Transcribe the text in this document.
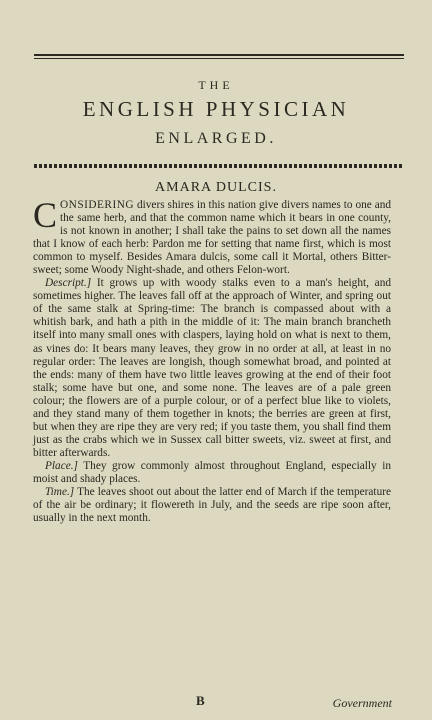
THE
ENGLISH PHYSICIAN
ENLARGED.
AMARA DULCIS.

CONSIDERING divers shires in this nation give divers names to one and the same herb, and that the common name which it bears in one county, is not known in another; I shall take the pains to set down all the names that I know of each herb: Pardon me for setting that name first, which is most common to myself. Besides Amara dulcis, some call it Mortal, others Bitter-sweet; some Woody Night-shade, and others Felon-wort.

Descript.] It grows up with woody stalks even to a man's height, and sometimes higher. The leaves fall off at the approach of Winter, and spring out of the same stalk at Spring-time: The branch is compassed about with a whitish bark, and hath a pith in the middle of it: The main branch brancheth itself into many small ones with claspers, laying hold on what is next to them, as vines do: It bears many leaves, they grow in no order at all, at least in no regular order: The leaves are longish, though somewhat broad, and pointed at the ends: many of them have two little leaves growing at the end of their foot stalk; some have but one, and some none. The leaves are of a pale green colour; the flowers are of a purple colour, or of a perfect blue like to violets, and they stand many of them together in knots; the berries are green at first, but when they are ripe they are very red; if you taste them, you shall find them just as the crabs which we in Sussex call bitter sweets, viz. sweet at first, and bitter afterwards.

Place.] They grow commonly almost throughout England, especially in moist and shady places.

Time.] The leaves shoot out about the latter end of March if the temperature of the air be ordinary; it flowereth in July, and the seeds are ripe soon after, usually in the next month.

B	Government
